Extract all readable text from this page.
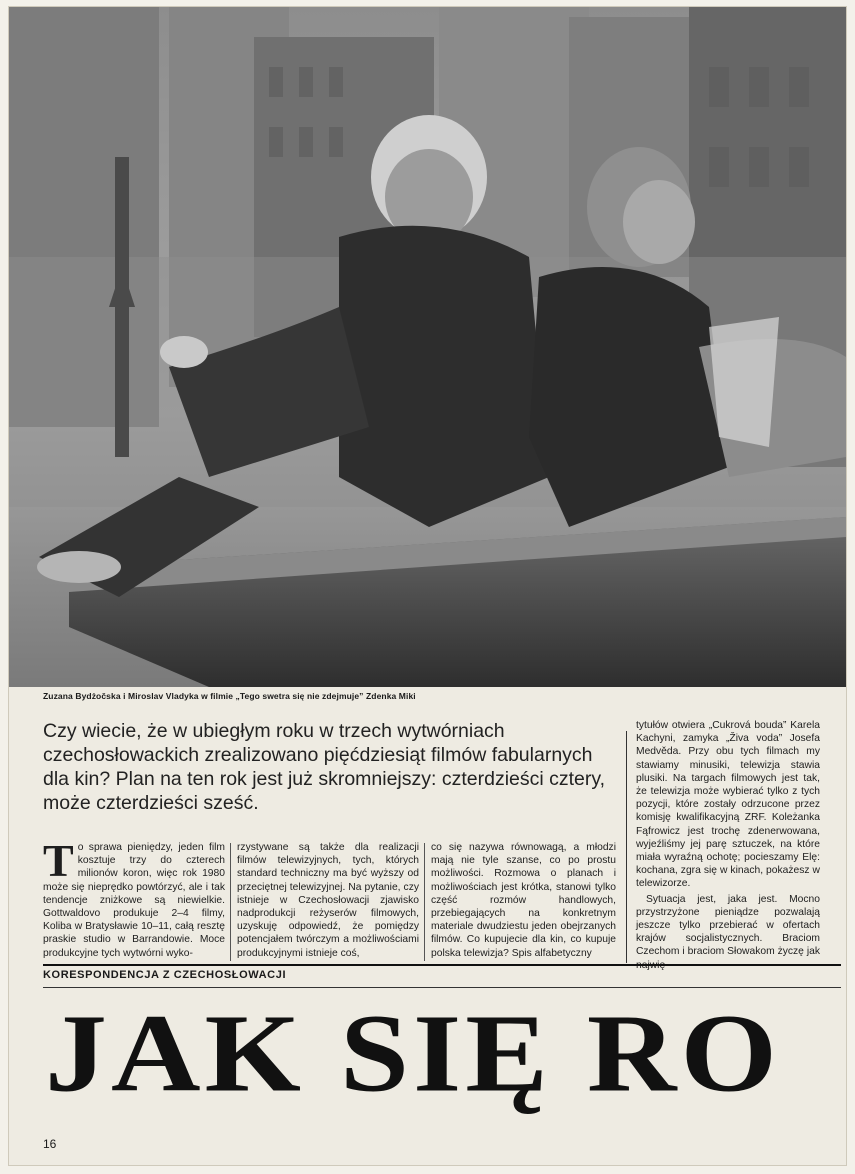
Zuzana Bydżočska i Miroslav Vladyka w filmie „Tego swetra się nie zdejmuje” Zdenka Miki
Czy wiecie, że w ubiegłym roku w trzech wytwórniach czechosłowackich zrealizowano pięćdziesiąt filmów fabularnych dla kin? Plan na ten rok jest już skromniejszy: czterdzieści cztery, może czterdzieści sześć.
T o sprawa pieniędzy, jeden film kosztuje trzy do czterech milionów koron, więc rok 1980 może się nieprędko powtórzyć, ale i tak tendencje zniżkowe są niewielkie. Gottwaldovo produkuje 2–4 filmy, Koliba w Bratysławie 10–11, całą resztę praskie studio w Barrandowie. Moce produkcyjne tych wytwórni wyko-

rzystywane są także dla realizacji filmów telewizyjnych, tych, których standard techniczny ma być wyższy od przeciętnej telewizyjnej. Na pytanie, czy istnieje w Czechosłowacji zjawisko nadprodukcji reżyserów filmowych, uzyskuję odpowiedź, że pomiędzy potencjałem twórczym a możliwościami produkcyjnymi istnieje coś,

co się nazywa równowagą, a młodzi mają nie tyle szanse, co po prostu możliwości. Rozmowa o planach i możliwościach jest krótka, stanowi tylko część rozmów handlowych, przebiegających na konkretnym materiale dwudziestu jeden obejrzanych filmów. Co kupujecie dla kin, co kupuje polska telewizja? Spis alfabetyczny

tytułów otwiera „Cukrová bouda” Karela Kachyni, zamyka „Živa voda” Josefa Medvěda. Przy obu tych filmach my stawiamy minusiki, telewizja stawia plusiki. Na targach filmowych jest tak, że telewizja może wybierać tylko z tych pozycji, które zostały odrzucone przez komisję kwalifikacyjną ZRF. Koleżanka Fąfrowicz jest trochę zdenerwowana, wyjeźliśmy jej parę sztuczek, na które miała wyraźną ochotę; pocieszamy Elę: kochana, zgra się w kinach, pokażesz w telewizorze.

Sytuacja jest, jaka jest. Mocno przystrzyżone pieniądze pozwalają jeszcze tylko przebierać w ofertach krajów socjalistycznych. Braciom Czechom i braciom Słowakom życzę jak najwię-

KORESPONDENCJA Z CZECHOSŁOWACJI
JAK SIĘ RO
16
